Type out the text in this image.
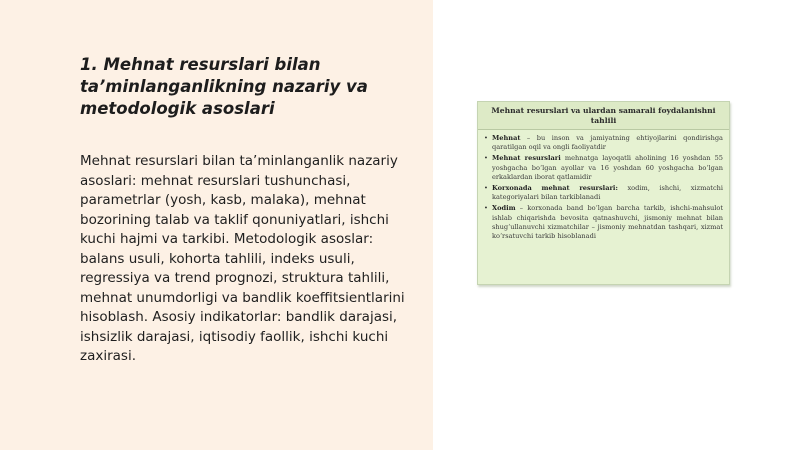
1. Mehnat resurslari bilan ta’minlanganlikning nazariy va metodologik asoslari

Mehnat resurslari bilan ta’minlanganlik nazariy asoslari: mehnat resurslari tushunchasi, parametrlar (yosh, kasb, malaka), mehnat bozorining talab va taklif qonuniyatlari, ishchi kuchi hajmi va tarkibi. Metodologik asoslar: balans usuli, kohorta tahlili, indeks usuli, regressiya va trend prognozi, struktura tahlili, mehnat unumdorligi va bandlik koeffitsientlarini hisoblash. Asosiy indikatorlar: bandlik darajasi, ishsizlik darajasi, iqtisodiy faollik, ishchi kuchi zaxirasi.

Mehnat resurslari va ulardan samarali foydalanishni tahlili
• Mehnat – bu inson va jamiyatning ehtiyojlarini qondirishga qaratilgan oqil va ongli faoliyatdir
• Mehnat resurslari mehnatga layoqatli aholining 16 yoshdan 55 yoshgacha bo‘lgan ayollar va 16 yoshdan 60 yoshgacha bo‘lgan erkaklardan iborat qatlamidir
• Korxonada mehnat resurslari: xodim, ishchi, xizmatchi kategoriyalari bilan tarkiblanadi
• Xodim – korxonada band bo‘lgan barcha tarkib, ishchi-mahsulot ishlab chiqarishda bevosita qatnashuvchi, jismoniy mehnat bilan shug‘ullanuvchi xizmatchilar – jismoniy mehnatdan tashqari, xizmat ko‘rsatuvchi tarkib hisoblanadi
